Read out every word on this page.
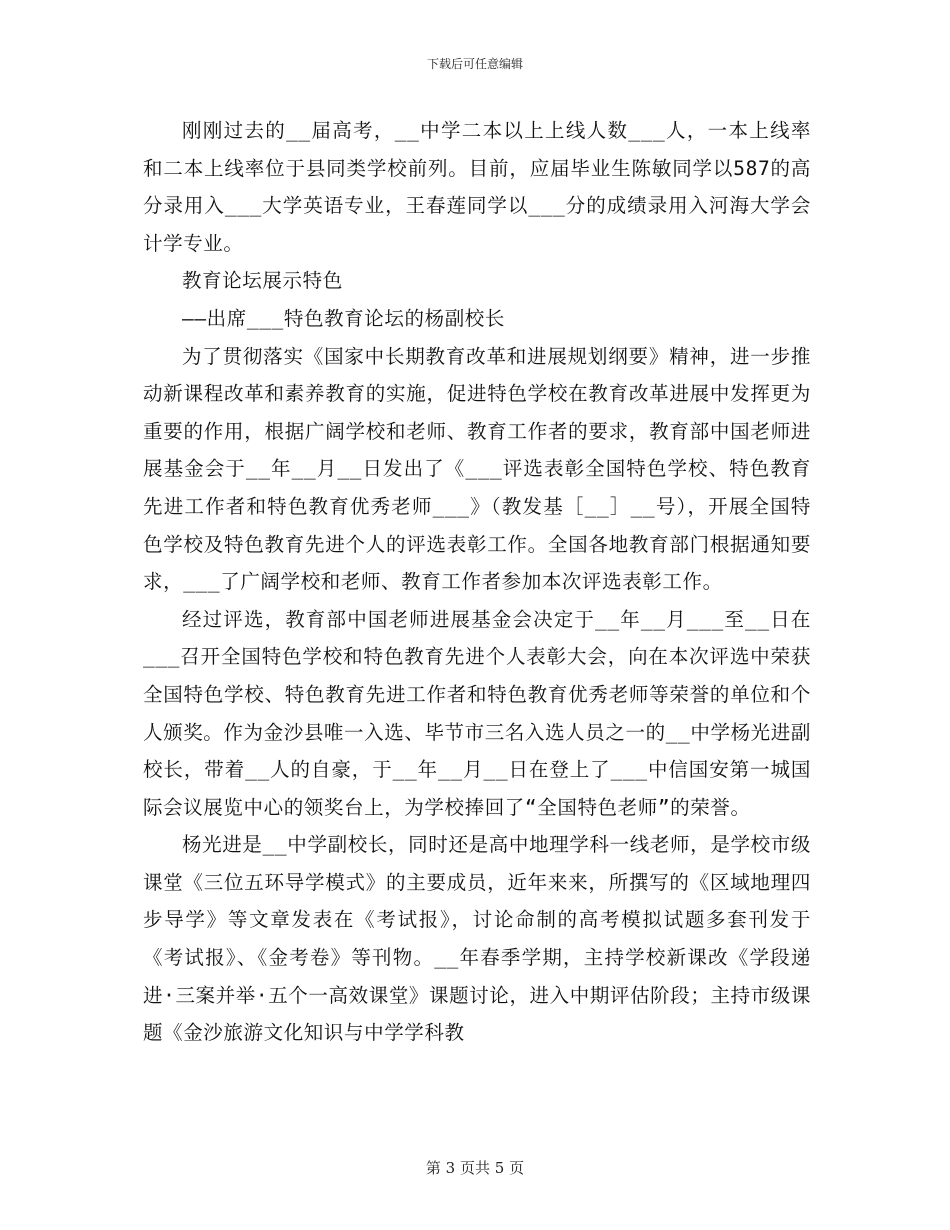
下载后可任意编辑

刚刚过去的__届高考，__中学二本以上上线人数___人，一本上线率和二本上线率位于县同类学校前列。目前，应届毕业生陈敏同学以587的高分录用入___大学英语专业，王春莲同学以___分的成绩录用入河海大学会计学专业。

教育论坛展示特色

——出席___特色教育论坛的杨副校长

为了贯彻落实《国家中长期教育改革和进展规划纲要》精神，进一步推动新课程改革和素养教育的实施，促进特色学校在教育改革进展中发挥更为重要的作用，根据广阔学校和老师、教育工作者的要求，教育部中国老师进展基金会于__年__月__日发出了《___评选表彰全国特色学校、特色教育先进工作者和特色教育优秀老师___》（教发基［__］__号），开展全国特色学校及特色教育先进个人的评选表彰工作。全国各地教育部门根据通知要求，___了广阔学校和老师、教育工作者参加本次评选表彰工作。

经过评选，教育部中国老师进展基金会决定于__年__月___至__日在___召开全国特色学校和特色教育先进个人表彰大会，向在本次评选中荣获全国特色学校、特色教育先进工作者和特色教育优秀老师等荣誉的单位和个人颁奖。作为金沙县唯一入选、毕节市三名入选人员之一的__中学杨光进副校长，带着__人的自豪，于__年__月__日在登上了___中信国安第一城国际会议展览中心的领奖台上，为学校捧回了“全国特色老师”的荣誉。

杨光进是__中学副校长，同时还是高中地理学科一线老师，是学校市级课堂《三位五环导学模式》的主要成员，近年来来，所撰写的《区域地理四步导学》等文章发表在《考试报》，讨论命制的高考模拟试题多套刊发于《考试报》、《金考卷》等刊物。__年春季学期，主持学校新课改《学段递进·三案并举·五个一高效课堂》课题讨论，进入中期评估阶段；主持市级课题《金沙旅游文化知识与中学学科教

第 3 页共 5 页
